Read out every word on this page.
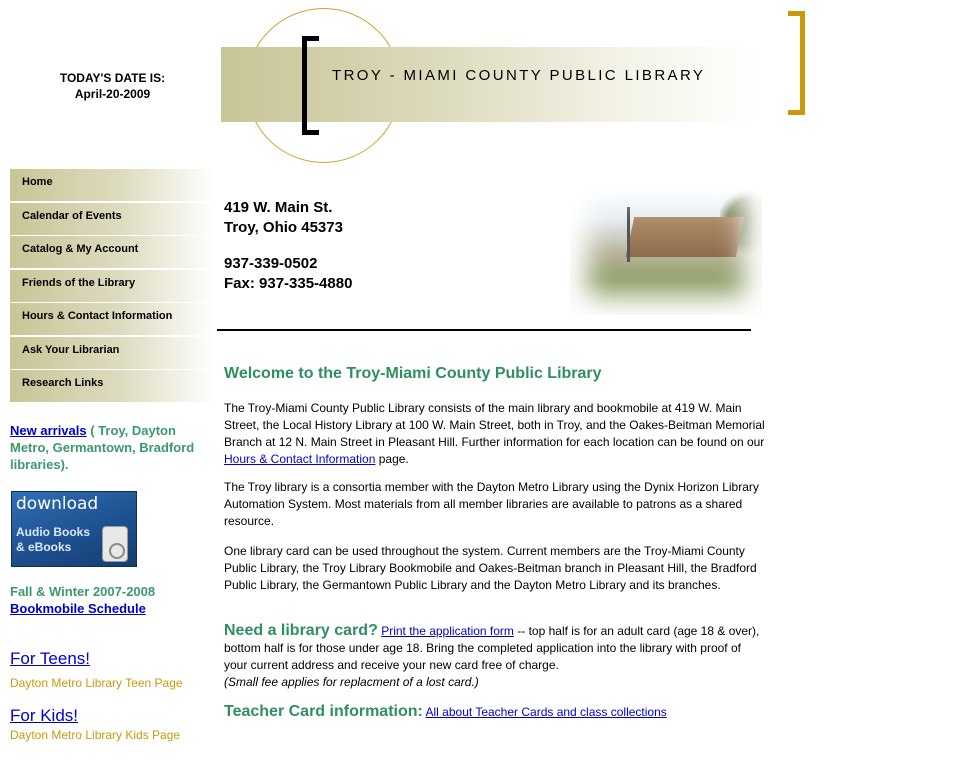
TODAY'S DATE IS:
April-20-2009
TROY - MIAMI COUNTY PUBLIC LIBRARY
Home
Calendar of Events
Catalog & My Account
Friends of the Library
Hours & Contact Information
Ask Your Librarian
Research Links
New arrivals ( Troy, Dayton Metro, Germantown, Bradford libraries).
download
Audio Books
& eBooks
Fall & Winter 2007-2008
Bookmobile Schedule
For Teens!
Dayton Metro Library Teen Page
For Kids!
Dayton Metro Library Kids Page
419 W. Main St.
Troy, Ohio 45373
937-339-0502
Fax: 937-335-4880
Welcome to the Troy-Miami County Public Library
The Troy-Miami County Public Library consists of the main library and bookmobile at 419 W. Main Street, the Local History Library at 100 W. Main Street, both in Troy, and the Oakes-Beitman Memorial Branch at 12 N. Main Street in Pleasant Hill. Further information for each location can be found on our Hours & Contact Information page.
The Troy library is a consortia member with the Dayton Metro Library using the Dynix Horizon Library Automation System. Most materials from all member libraries are available to patrons as a shared resource.
One library card can be used throughout the system. Current members are the Troy-Miami County Public Library, the Troy Library Bookmobile and Oakes-Beitman branch in Pleasant Hill, the Bradford Public Library, the Germantown Public Library and the Dayton Metro Library and its branches.
Need a library card? Print the application form -- top half is for an adult card (age 18 & over), bottom half is for those under age 18. Bring the completed application into the library with proof of your current address and receive your new card free of charge.
(Small fee applies for replacment of a lost card.)
Teacher Card information: All about Teacher Cards and class collections
